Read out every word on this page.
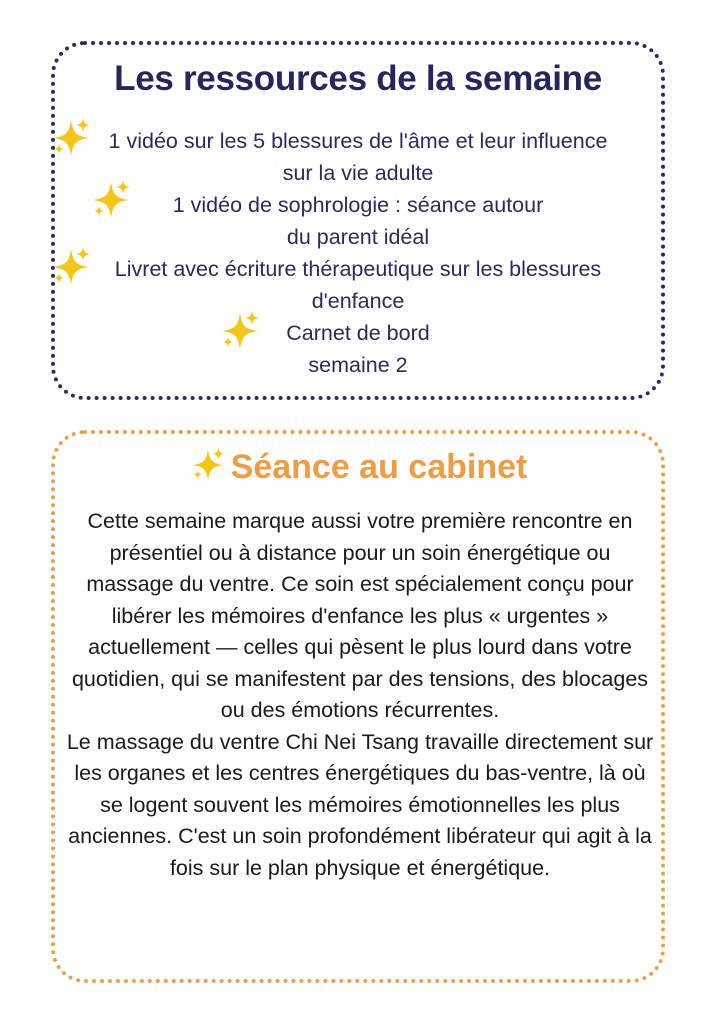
Les ressources de la semaine
1 vidéo sur les 5 blessures de l'âme et leur influence
sur la vie adulte
1 vidéo de sophrologie : séance autour
du parent idéal
Livret avec écriture thérapeutique sur les blessures
d'enfance
Carnet de bord
semaine 2
Séance au cabinet

Cette semaine marque aussi votre première rencontre en présentiel ou à distance pour un soin énergétique ou massage du ventre. Ce soin est spécialement conçu pour libérer les mémoires d'enfance les plus « urgentes » actuellement — celles qui pèsent le plus lourd dans votre quotidien, qui se manifestent par des tensions, des blocages ou des émotions récurrentes.

Le massage du ventre Chi Nei Tsang travaille directement sur les organes et les centres énergétiques du bas-ventre, là où se logent souvent les mémoires émotionnelles les plus anciennes. C'est un soin profondément libérateur qui agit à la fois sur le plan physique et énergétique.
